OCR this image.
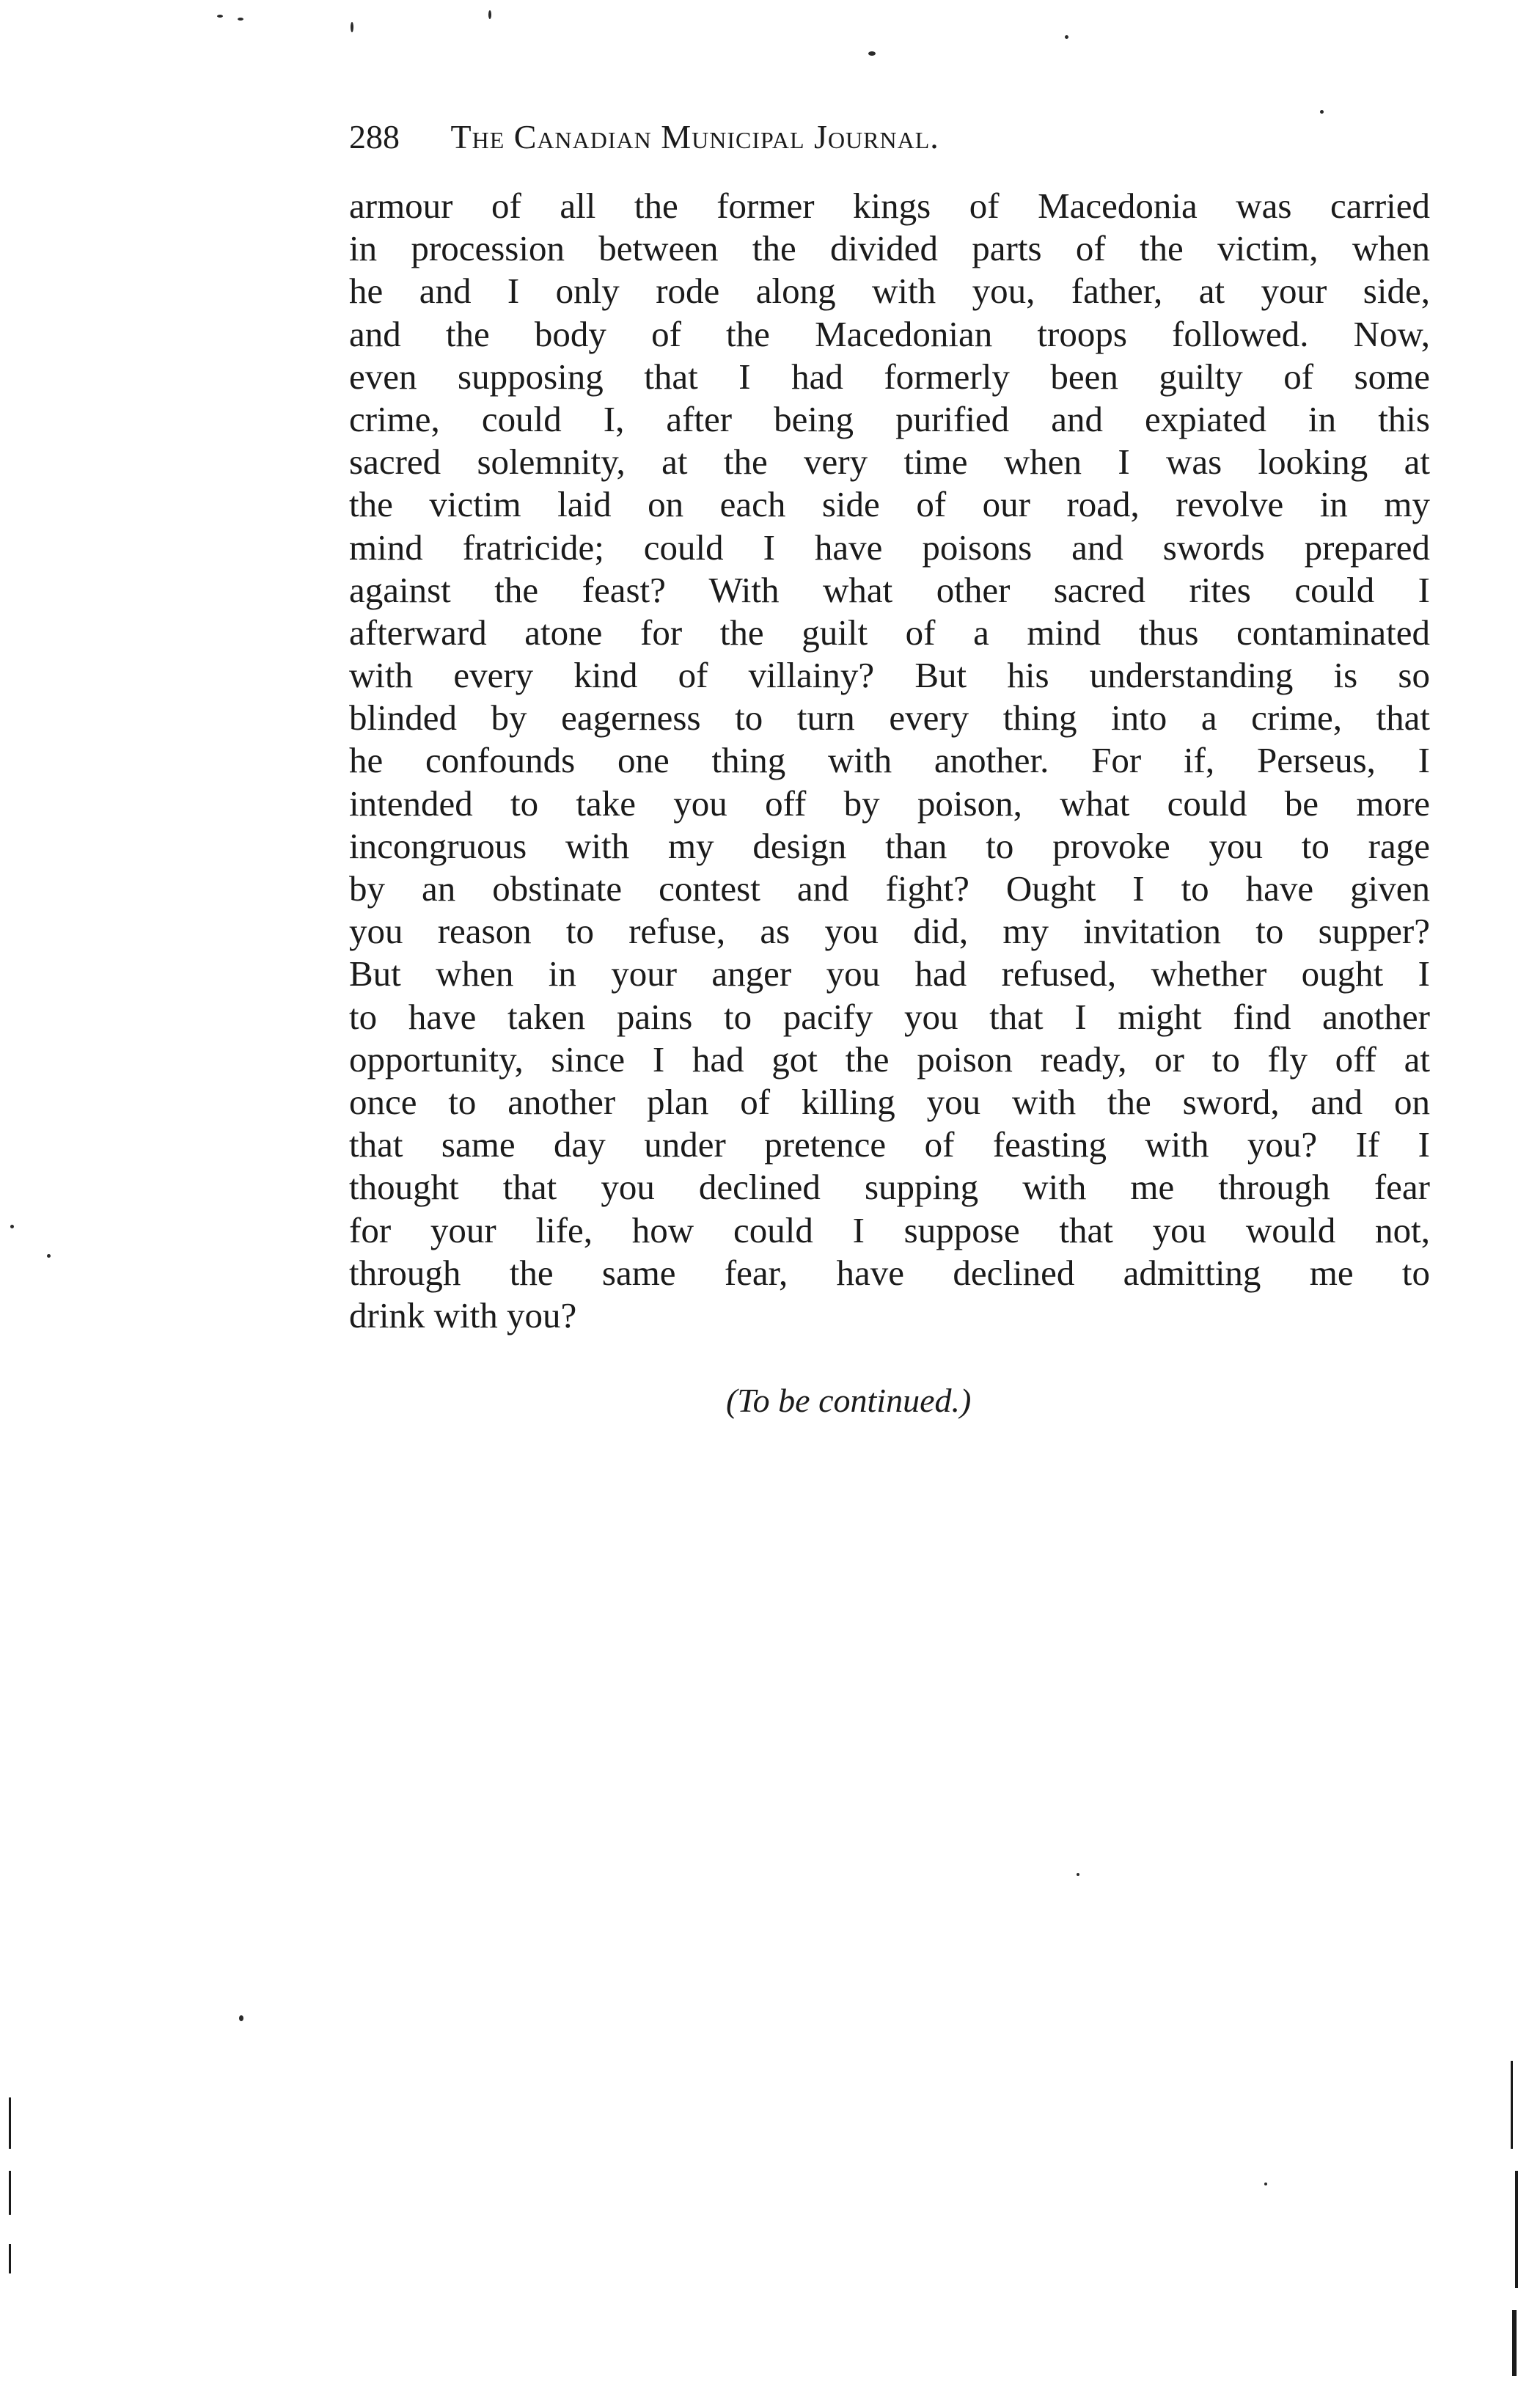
288 The Canadian Municipal Journal.
armour of all the former kings of Macedonia was carried
in procession between the divided parts of the victim, when
he and I only rode along with you, father, at your side,
and the body of the Macedonian troops followed. Now,
even supposing that I had formerly been guilty of some
crime, could I, after being purified and expiated in this
sacred solemnity, at the very time when I was looking at
the victim laid on each side of our road, revolve in my
mind fratricide; could I have poisons and swords prepared
against the feast? With what other sacred rites could I
afterward atone for the guilt of a mind thus contaminated
with every kind of villainy? But his understanding is so
blinded by eagerness to turn every thing into a crime, that
he confounds one thing with another. For if, Perseus, I
intended to take you off by poison, what could be more
incongruous with my design than to provoke you to rage
by an obstinate contest and fight? Ought I to have given
you reason to refuse, as you did, my invitation to supper?
But when in your anger you had refused, whether ought I
to have taken pains to pacify you that I might find another
opportunity, since I had got the poison ready, or to fly off at
once to another plan of killing you with the sword, and on
that same day under pretence of feasting with you? If I
thought that you declined supping with me through fear
for your life, how could I suppose that you would not,
through the same fear, have declined admitting me to
drink with you?
(To be continued.)
